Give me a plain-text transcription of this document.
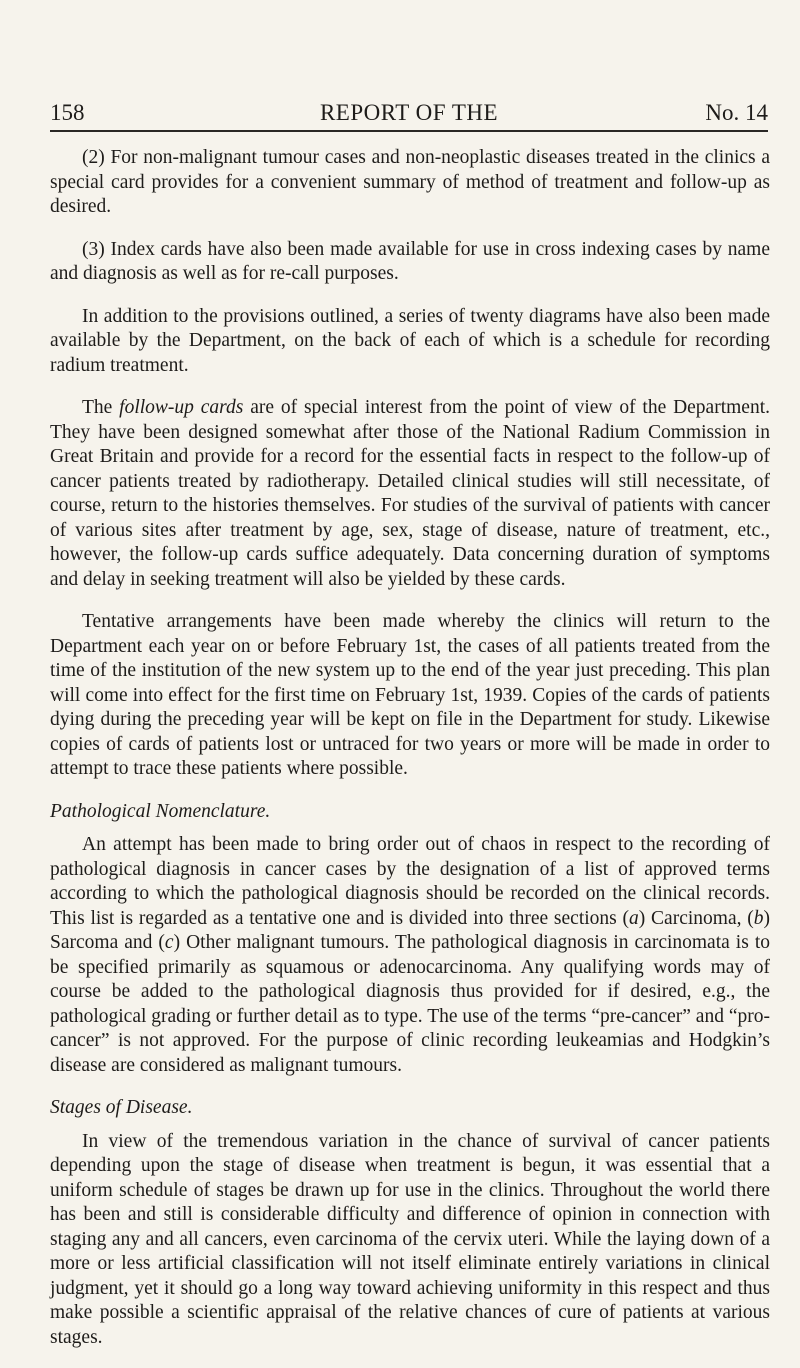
REPORT OF THE
158	No. 14

(2) For non-malignant tumour cases and non-neoplastic diseases treated in the clinics a special card provides for a convenient summary of method of treatment and follow-up as desired.

(3) Index cards have also been made available for use in cross indexing cases by name and diagnosis as well as for re-call purposes.

In addition to the provisions outlined, a series of twenty diagrams have also been made available by the Department, on the back of each of which is a schedule for recording radium treatment.

The follow-up cards are of special interest from the point of view of the Department. They have been designed somewhat after those of the National Radium Commission in Great Britain and provide for a record for the essential facts in respect to the follow-up of cancer patients treated by radiotherapy. Detailed clinical studies will still necessitate, of course, return to the histories themselves. For studies of the survival of patients with cancer of various sites after treatment by age, sex, stage of disease, nature of treatment, etc., however, the follow-up cards suffice adequately. Data concerning duration of symptoms and delay in seeking treatment will also be yielded by these cards.

Tentative arrangements have been made whereby the clinics will return to the Department each year on or before February 1st, the cases of all patients treated from the time of the institution of the new system up to the end of the year just preceding. This plan will come into effect for the first time on February 1st, 1939. Copies of the cards of patients dying during the preceding year will be kept on file in the Department for study. Likewise copies of cards of patients lost or untraced for two years or more will be made in order to attempt to trace these patients where possible.

Pathological Nomenclature.

An attempt has been made to bring order out of chaos in respect to the recording of pathological diagnosis in cancer cases by the designation of a list of approved terms according to which the pathological diagnosis should be recorded on the clinical records. This list is regarded as a tentative one and is divided into three sections (a) Carcinoma, (b) Sarcoma and (c) Other malignant tumours. The pathological diagnosis in carcinomata is to be specified primarily as squamous or adenocarcinoma. Any qualifying words may of course be added to the pathological diagnosis thus provided for if desired, e.g., the pathological grading or further detail as to type. The use of the terms “pre-cancer” and “pro-cancer” is not approved. For the purpose of clinic recording leukeamias and Hodgkin’s disease are considered as malignant tumours.

Stages of Disease.

In view of the tremendous variation in the chance of survival of cancer patients depending upon the stage of disease when treatment is begun, it was essential that a uniform schedule of stages be drawn up for use in the clinics. Throughout the world there has been and still is considerable difficulty and difference of opinion in connection with staging any and all cancers, even carcinoma of the cervix uteri. While the laying down of a more or less artificial classification will not itself eliminate entirely variations in clinical judgment, yet it should go a long way toward achieving uniformity in this respect and thus make possible a scientific appraisal of the relative chances of cure of patients at various stages.
